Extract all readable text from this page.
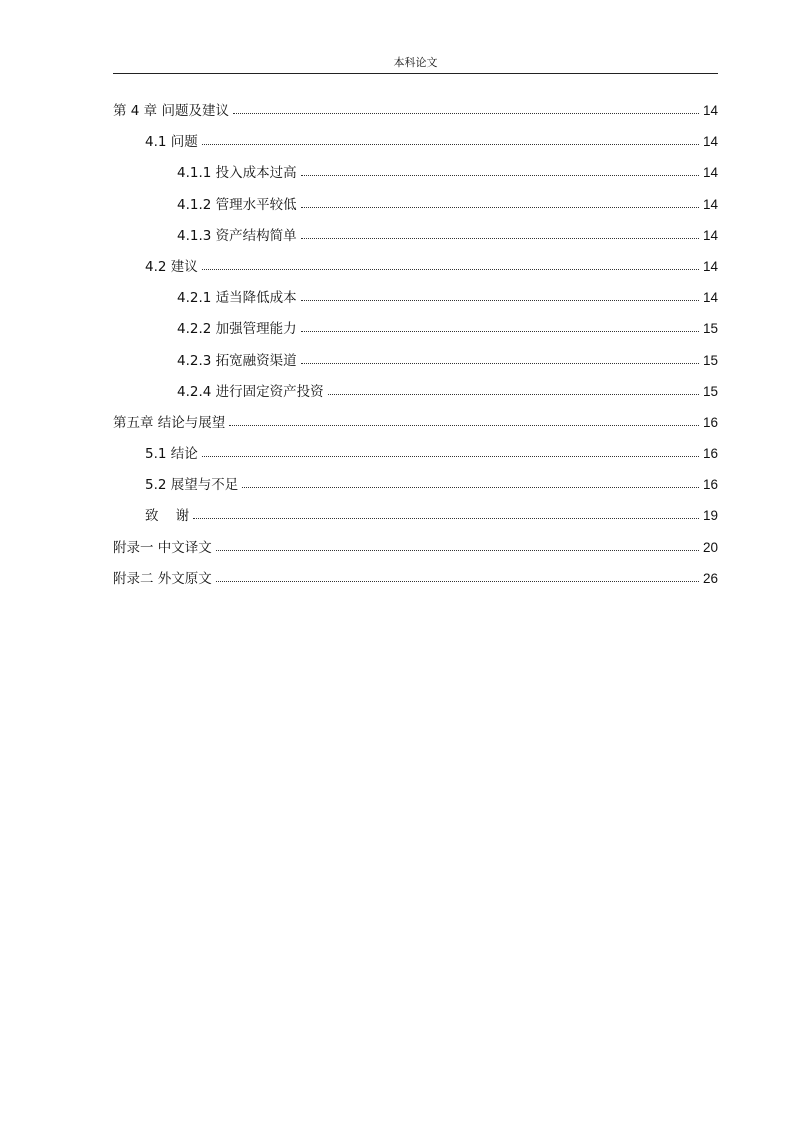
本科论文
第 4 章 问题及建议	14
4.1 问题	14
4.1.1 投入成本过高	14
4.1.2 管理水平较低	14
4.1.3 资产结构简单	14
4.2 建议	14
4.2.1 适当降低成本	14
4.2.2 加强管理能力	15
4.2.3 拓宽融资渠道	15
4.2.4 进行固定资产投资	15
第五章 结论与展望	16
5.1 结论	16
5.2 展望与不足	16
致    谢	19
附录一 中文译文	20
附录二 外文原文	26
